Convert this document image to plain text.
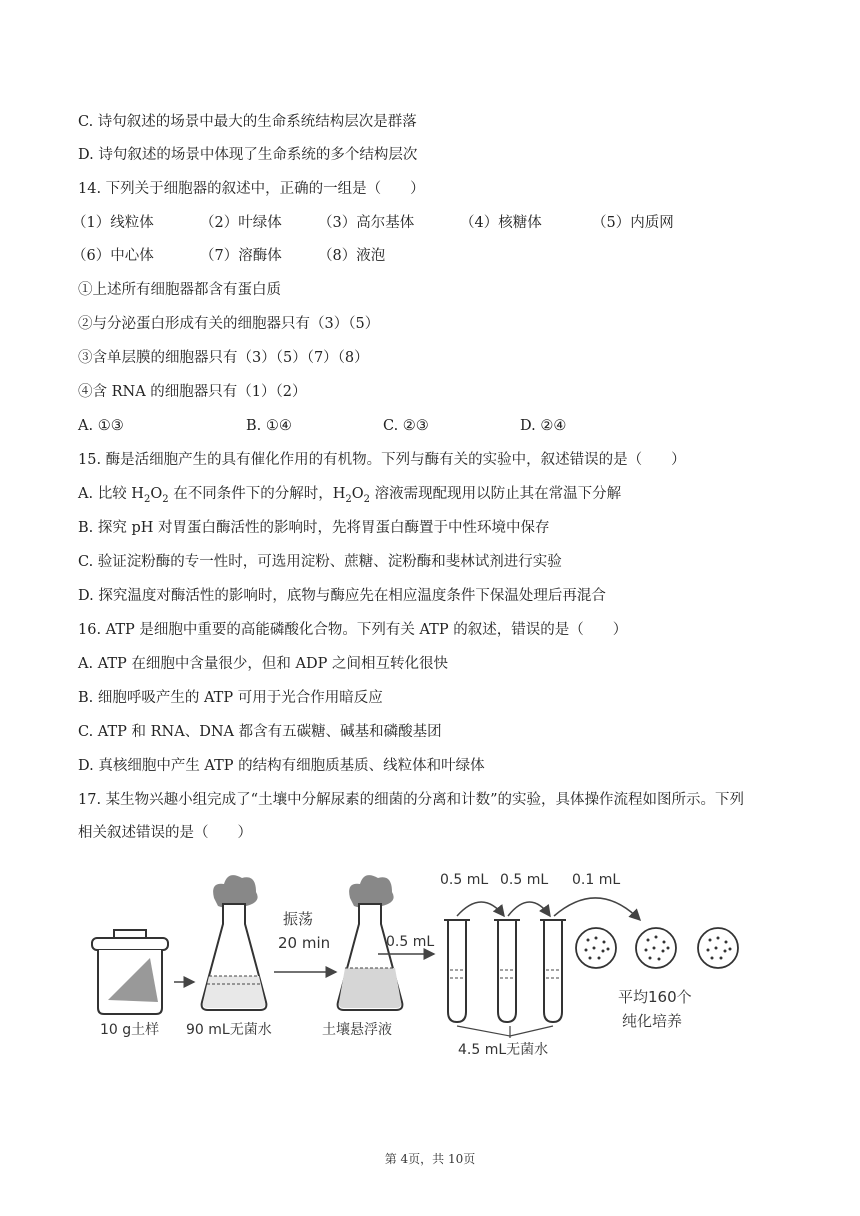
C. 诗句叙述的场景中最大的生命系统结构层次是群落
D. 诗句叙述的场景中体现了生命系统的多个结构层次
14. 下列关于细胞器的叙述中，正确的一组是（　　）
（1）线粒体	（2）叶绿体	（3）高尔基体	（4）核糖体	（5）内质网
（6）中心体	（7）溶酶体	（8）液泡
①上述所有细胞器都含有蛋白质
②与分泌蛋白形成有关的细胞器只有（3）（5）
③含单层膜的细胞器只有（3）（5）（7）（8）
④含 RNA 的细胞器只有（1）（2）
A. ①③	B. ①④	C. ②③	D. ②④
15. 酶是活细胞产生的具有催化作用的有机物。下列与酶有关的实验中，叙述错误的是（　　）
A. 比较 $H_2O_2$ 在不同条件下的分解时，$H_2O_2$ 溶液需现配现用以防止其在常温下分解
B. 探究 pH 对胃蛋白酶活性的影响时，先将胃蛋白酶置于中性环境中保存
C. 验证淀粉酶的专一性时，可选用淀粉、蔗糖、淀粉酶和斐林试剂进行实验
D. 探究温度对酶活性的影响时，底物与酶应先在相应温度条件下保温处理后再混合
16. ATP 是细胞中重要的高能磷酸化合物。下列有关 ATP 的叙述，错误的是（　　）
A. ATP 在细胞中含量很少，但和 ADP 之间相互转化很快
B. 细胞呼吸产生的 ATP 可用于光合作用暗反应
C. ATP 和 RNA、DNA 都含有五碳糖、碱基和磷酸基团
D. 真核细胞中产生 ATP 的结构有细胞质基质、线粒体和叶绿体
17. 某生物兴趣小组完成了“土壤中分解尿素的细菌的分离和计数”的实验，具体操作流程如图所示。下列
相关叙述错误的是（　　）
10 g土样 90 mL无菌水
振荡
20 min
土壤悬浮液
0.5 mL
0.5 mL 0.5 mL 0.1 mL
4.5 mL无菌水
平均160个
纯化培养
第 4页，共 10页
